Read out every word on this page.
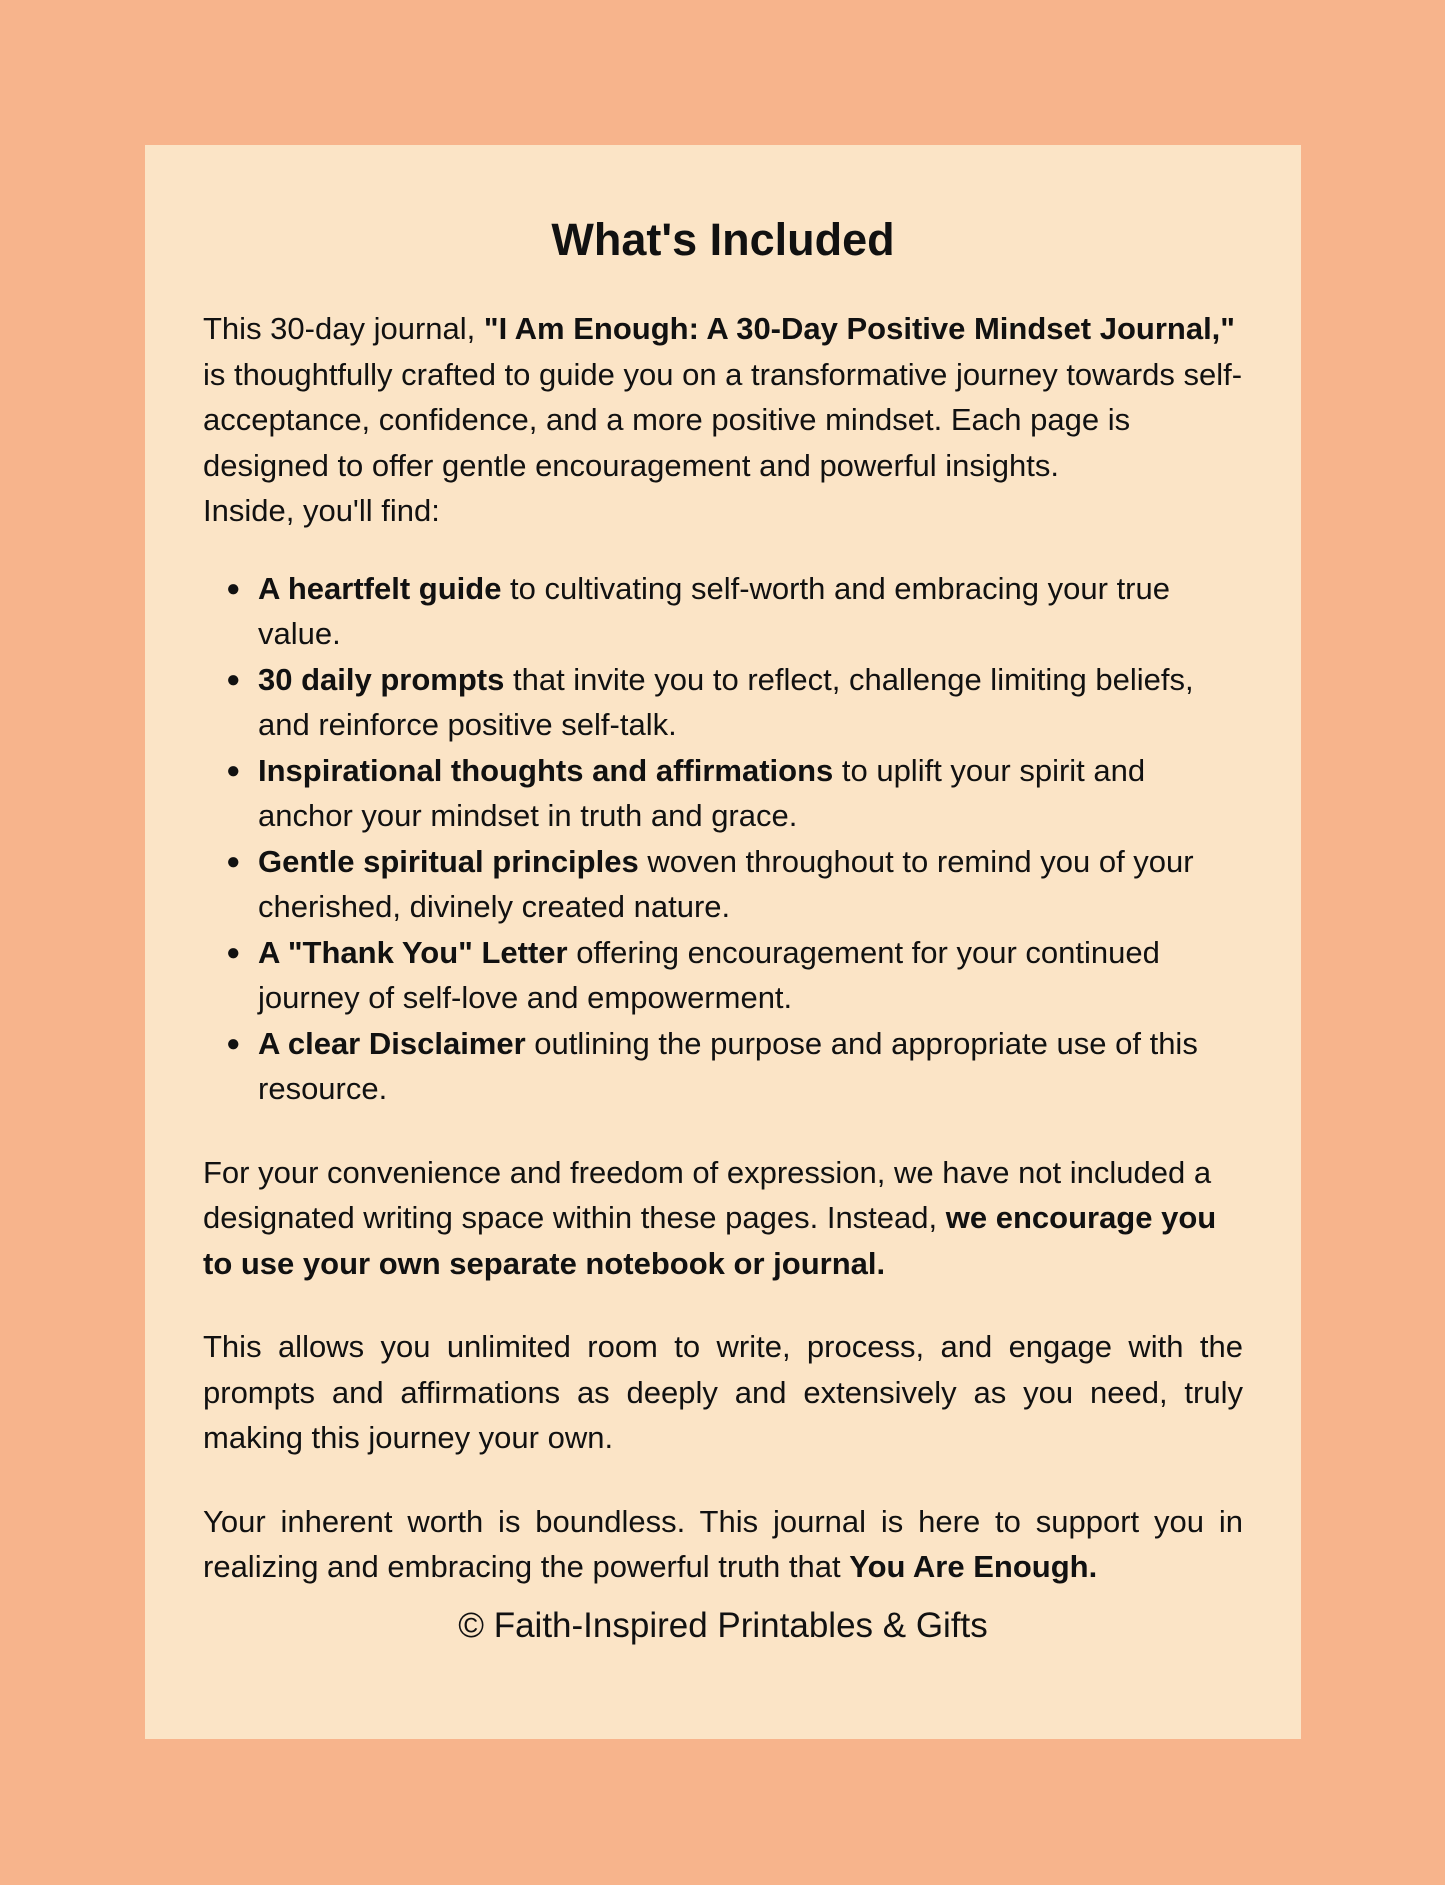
What's Included

This 30-day journal, "I Am Enough: A 30-Day Positive Mindset Journal," is thoughtfully crafted to guide you on a transformative journey towards self-acceptance, confidence, and a more positive mindset. Each page is designed to offer gentle encouragement and powerful insights.

Inside, you'll find:

● A heartfelt guide to cultivating self-worth and embracing your true value.
● 30 daily prompts that invite you to reflect, challenge limiting beliefs, and reinforce positive self-talk.
● Inspirational thoughts and affirmations to uplift your spirit and anchor your mindset in truth and grace.
● Gentle spiritual principles woven throughout to remind you of your cherished, divinely created nature.
● A "Thank You" Letter offering encouragement for your continued journey of self-love and empowerment.
● A clear Disclaimer outlining the purpose and appropriate use of this resource.

For your convenience and freedom of expression, we have not included a designated writing space within these pages. Instead, we encourage you to use your own separate notebook or journal.

This allows you unlimited room to write, process, and engage with the prompts and affirmations as deeply and extensively as you need, truly making this journey your own.

Your inherent worth is boundless. This journal is here to support you in realizing and embracing the powerful truth that You Are Enough.

© Faith-Inspired Printables & Gifts
